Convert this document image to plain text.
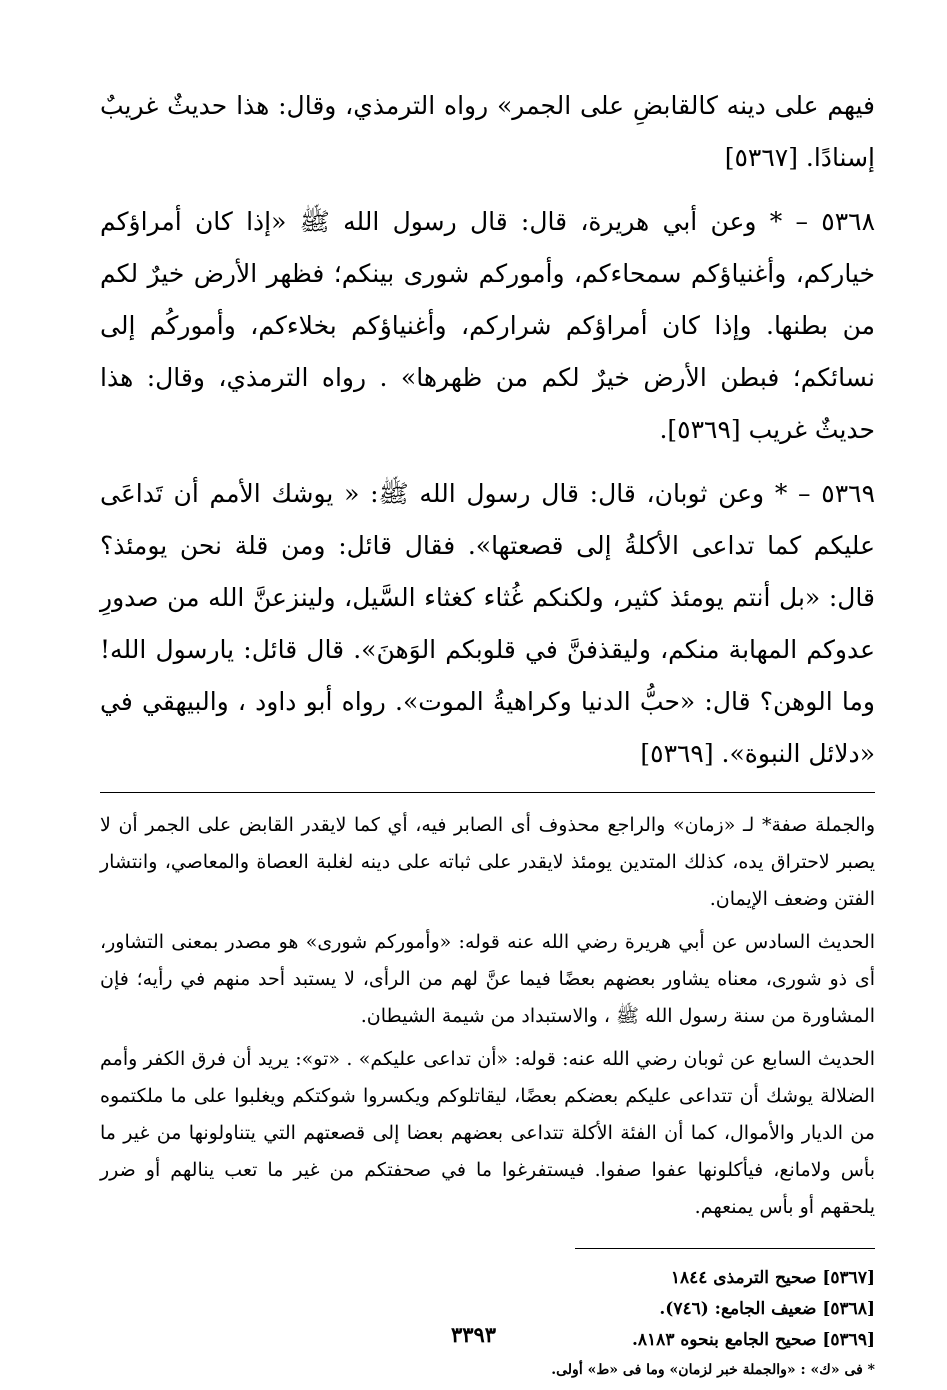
فيهم على دينه كالقابضِ على الجمر» رواه الترمذي، وقال: هذا حديثٌ غريبٌ إسنادًا. [٥٣٦٧]

٥٣٦٨ – * وعن أبي هريرة، قال: قال رسول الله ﷺ «إذا كان أمراؤكم خياركم، وأغنياؤكم سمحاءكم، وأموركم شورى بينكم؛ فظهر الأرض خيرٌ لكم من بطنها. وإذا كان أمراؤكم شراركم، وأغنياؤكم بخلاءكم، وأموركُم إلى نسائكم؛ فبطن الأرض خيرٌ لكم من ظهرها» . رواه الترمذي، وقال: هذا حديثٌ غريب [٥٣٦٩].

٥٣٦٩ – * وعن ثوبان، قال: قال رسول الله ﷺ: « يوشك الأمم أن تَداعَى عليكم كما تداعى الأكلةُ إلى قصعتها». فقال قائل: ومن قلة نحن يومئذ؟ قال: «بل أنتم يومئذ كثير، ولكنكم غُثاء كغثاء السَّيل، ولينزعنَّ الله من صدورِ عدوكم المهابة منكم، وليقذفنَّ في قلوبكم الوَهنَ». قال قائل: يارسول الله! وما الوهن؟ قال: «حبُّ الدنيا وكراهيةُ الموت». رواه أبو داود ، والبيهقي في «دلائل النبوة». [٥٣٦٩]

والجملة صفة* لـ «زمان» والراجع محذوف أى الصابر فيه، أي كما لايقدر القابض على الجمر أن لا يصبر لاحتراق يده، كذلك المتدين يومئذ لايقدر على ثباته على دينه لغلبة العصاة والمعاصي، وانتشار الفتن وضعف الإيمان.

الحديث السادس عن أبي هريرة رضي الله عنه قوله: «وأموركم شورى» هو مصدر بمعنى التشاور، أى ذو شورى، معناه يشاور بعضهم بعضًا فيما عنَّ لهم من الرأى، لا يستبد أحد منهم في رأيه؛ فإن المشاورة من سنة رسول الله ﷺ ، والاستبداد من شيمة الشيطان.

الحديث السابع عن ثوبان رضي الله عنه: قوله: «أن تداعى عليكم» . «تو»: يريد أن فرق الكفر وأمم الضلالة يوشك أن تتداعى عليكم بعضكم بعضًا، ليقاتلوكم ويكسروا شوكتكم ويغلبوا على ما ملكتموه من الديار والأموال، كما أن الفئة الأكلة تتداعى بعضهم بعضا إلى قصعتهم التي يتناولونها من غير ما بأس ولامانع، فيأكلونها عفوا صفوا. فيستفرغوا ما في صحفتكم من غير ما تعب ينالهم أو ضرر يلحقهم أو بأس يمنعهم.

[٥٣٦٧] صحيح الترمذى ١٨٤٤
[٥٣٦٨] ضعيف الجامع: (٧٤٦).
[٥٣٦٩] صحيح الجامع بنحوه ٨١٨٣.
* فى «ك» : «والجملة خبر لزمان» وما فى «ط» أولى.
٣٣٩٣
